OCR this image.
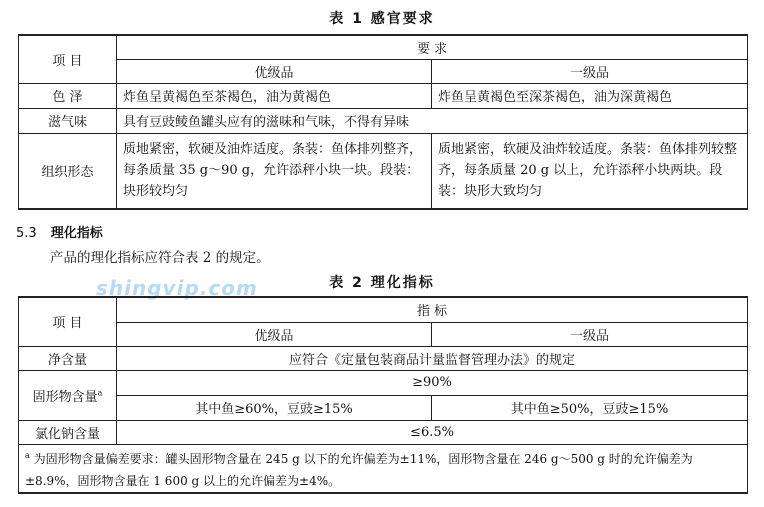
表 1 感官要求
项 目	要 求	
	优级品	一级品
色 泽	炸鱼呈黄褐色至茶褐色，油为黄褐色	炸鱼呈黄褐色至深茶褐色，油为深黄褐色
滋气味	具有豆豉鲮鱼罐头应有的滋味和气味，不得有异味	
组织形态	质地紧密，软硬及油炸适度。条装：鱼体排列整齐，每条质量 35 g～90 g，允许添秤小块一块。段装：块形较均匀	质地紧密，软硬及油炸较适度。条装：鱼体排列较整齐，每条质量 20 g 以上，允许添秤小块两块。段装：块形大致均匀
5.3 理化指标
产品的理化指标应符合表 2 的规定。
shingvip.com	表 2 理化指标
项 目	指 标	
	优级品	一级品
净含量	应符合《定量包装商品计量监督管理办法》的规定	
固形物含量$^a$	≥90%	
	其中鱼≥60%，豆豉≥15%	其中鱼≥50%，豆豉≥15%
氯化钠含量	≤6.5%	
$^a$ 为固形物含量偏差要求：罐头固形物含量在 245 g 以下的允许偏差为±11%，固形物含量在 246 g～500 g 时的允许偏差为±8.9%，固形物含量在 1 600 g 以上的允许偏差为±4%。		
